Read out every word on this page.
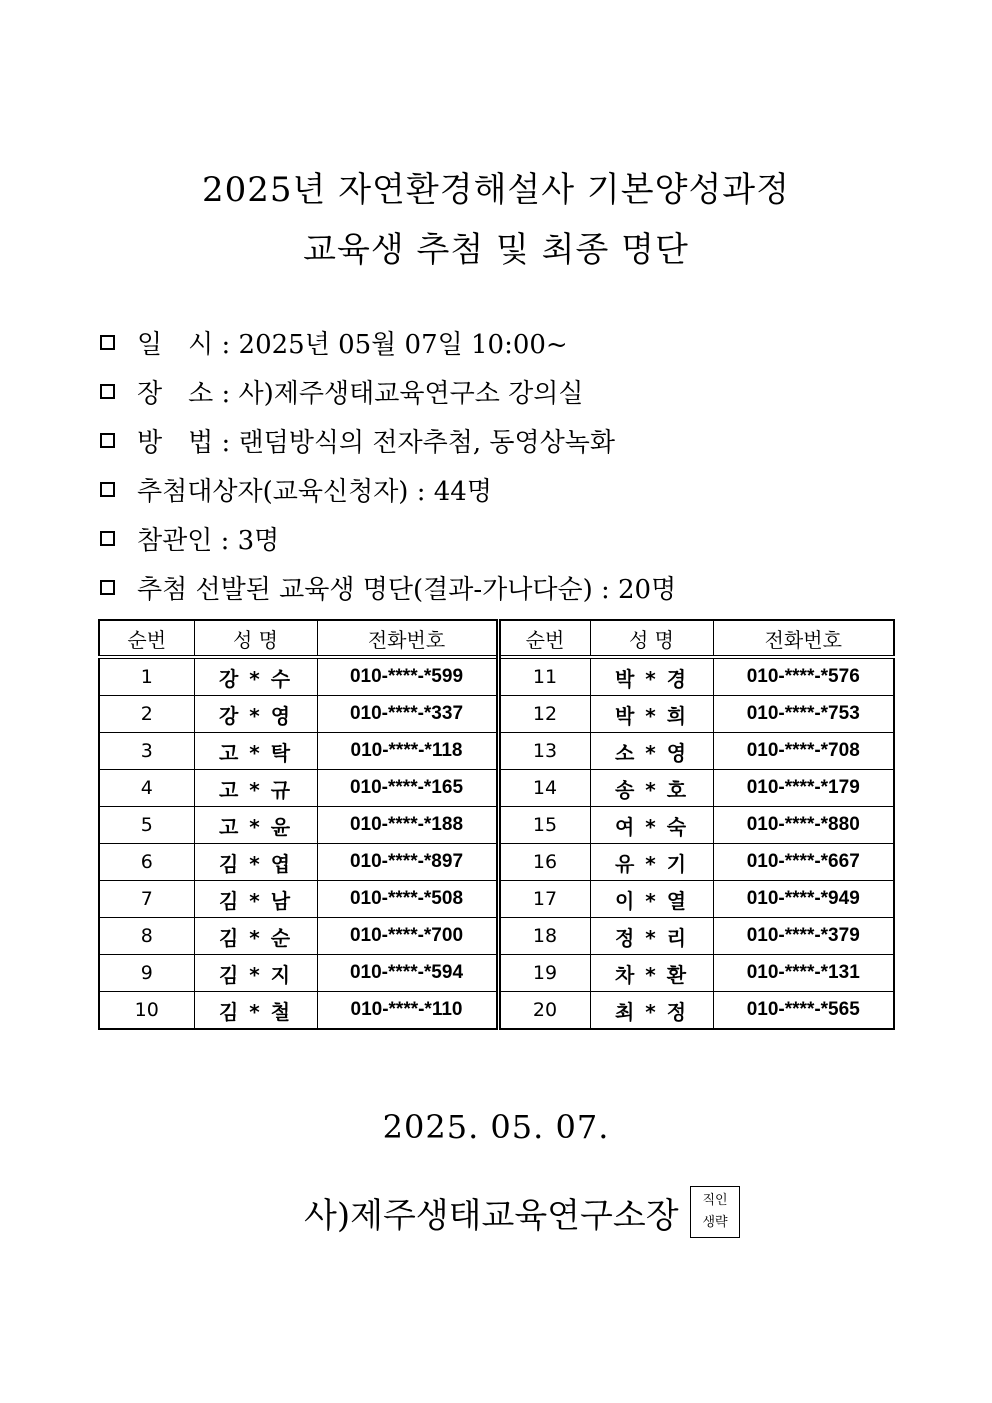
2025년 자연환경해설사 기본양성과정
교육생 추첨 및 최종 명단
일　시 : 2025년 05월 07일 10:00~
장　소 : 사)제주생태교육연구소 강의실
방　법 : 랜덤방식의 전자추첨, 동영상녹화
추첨대상자(교육신청자) : 44명
참관인 : 3명
추첨 선발된 교육생 명단(결과-가나다순) : 20명
순번	성 명	전화번호	순번	성 명	전화번호
1	강 * 수	010-****-*599	11	박 * 경	010-****-*576
2	강 * 영	010-****-*337	12	박 * 희	010-****-*753
3	고 * 탁	010-****-*118	13	소 * 영	010-****-*708
4	고 * 규	010-****-*165	14	송 * 호	010-****-*179
5	고 * 윤	010-****-*188	15	여 * 숙	010-****-*880
6	김 * 엽	010-****-*897	16	유 * 기	010-****-*667
7	김 * 남	010-****-*508	17	이 * 열	010-****-*949
8	김 * 순	010-****-*700	18	정 * 리	010-****-*379
9	김 * 지	010-****-*594	19	차 * 환	010-****-*131
10	김 * 철	010-****-*110	20	최 * 정	010-****-*565
2025. 05. 07.
사)제주생태교육연구소장	직인
생략
